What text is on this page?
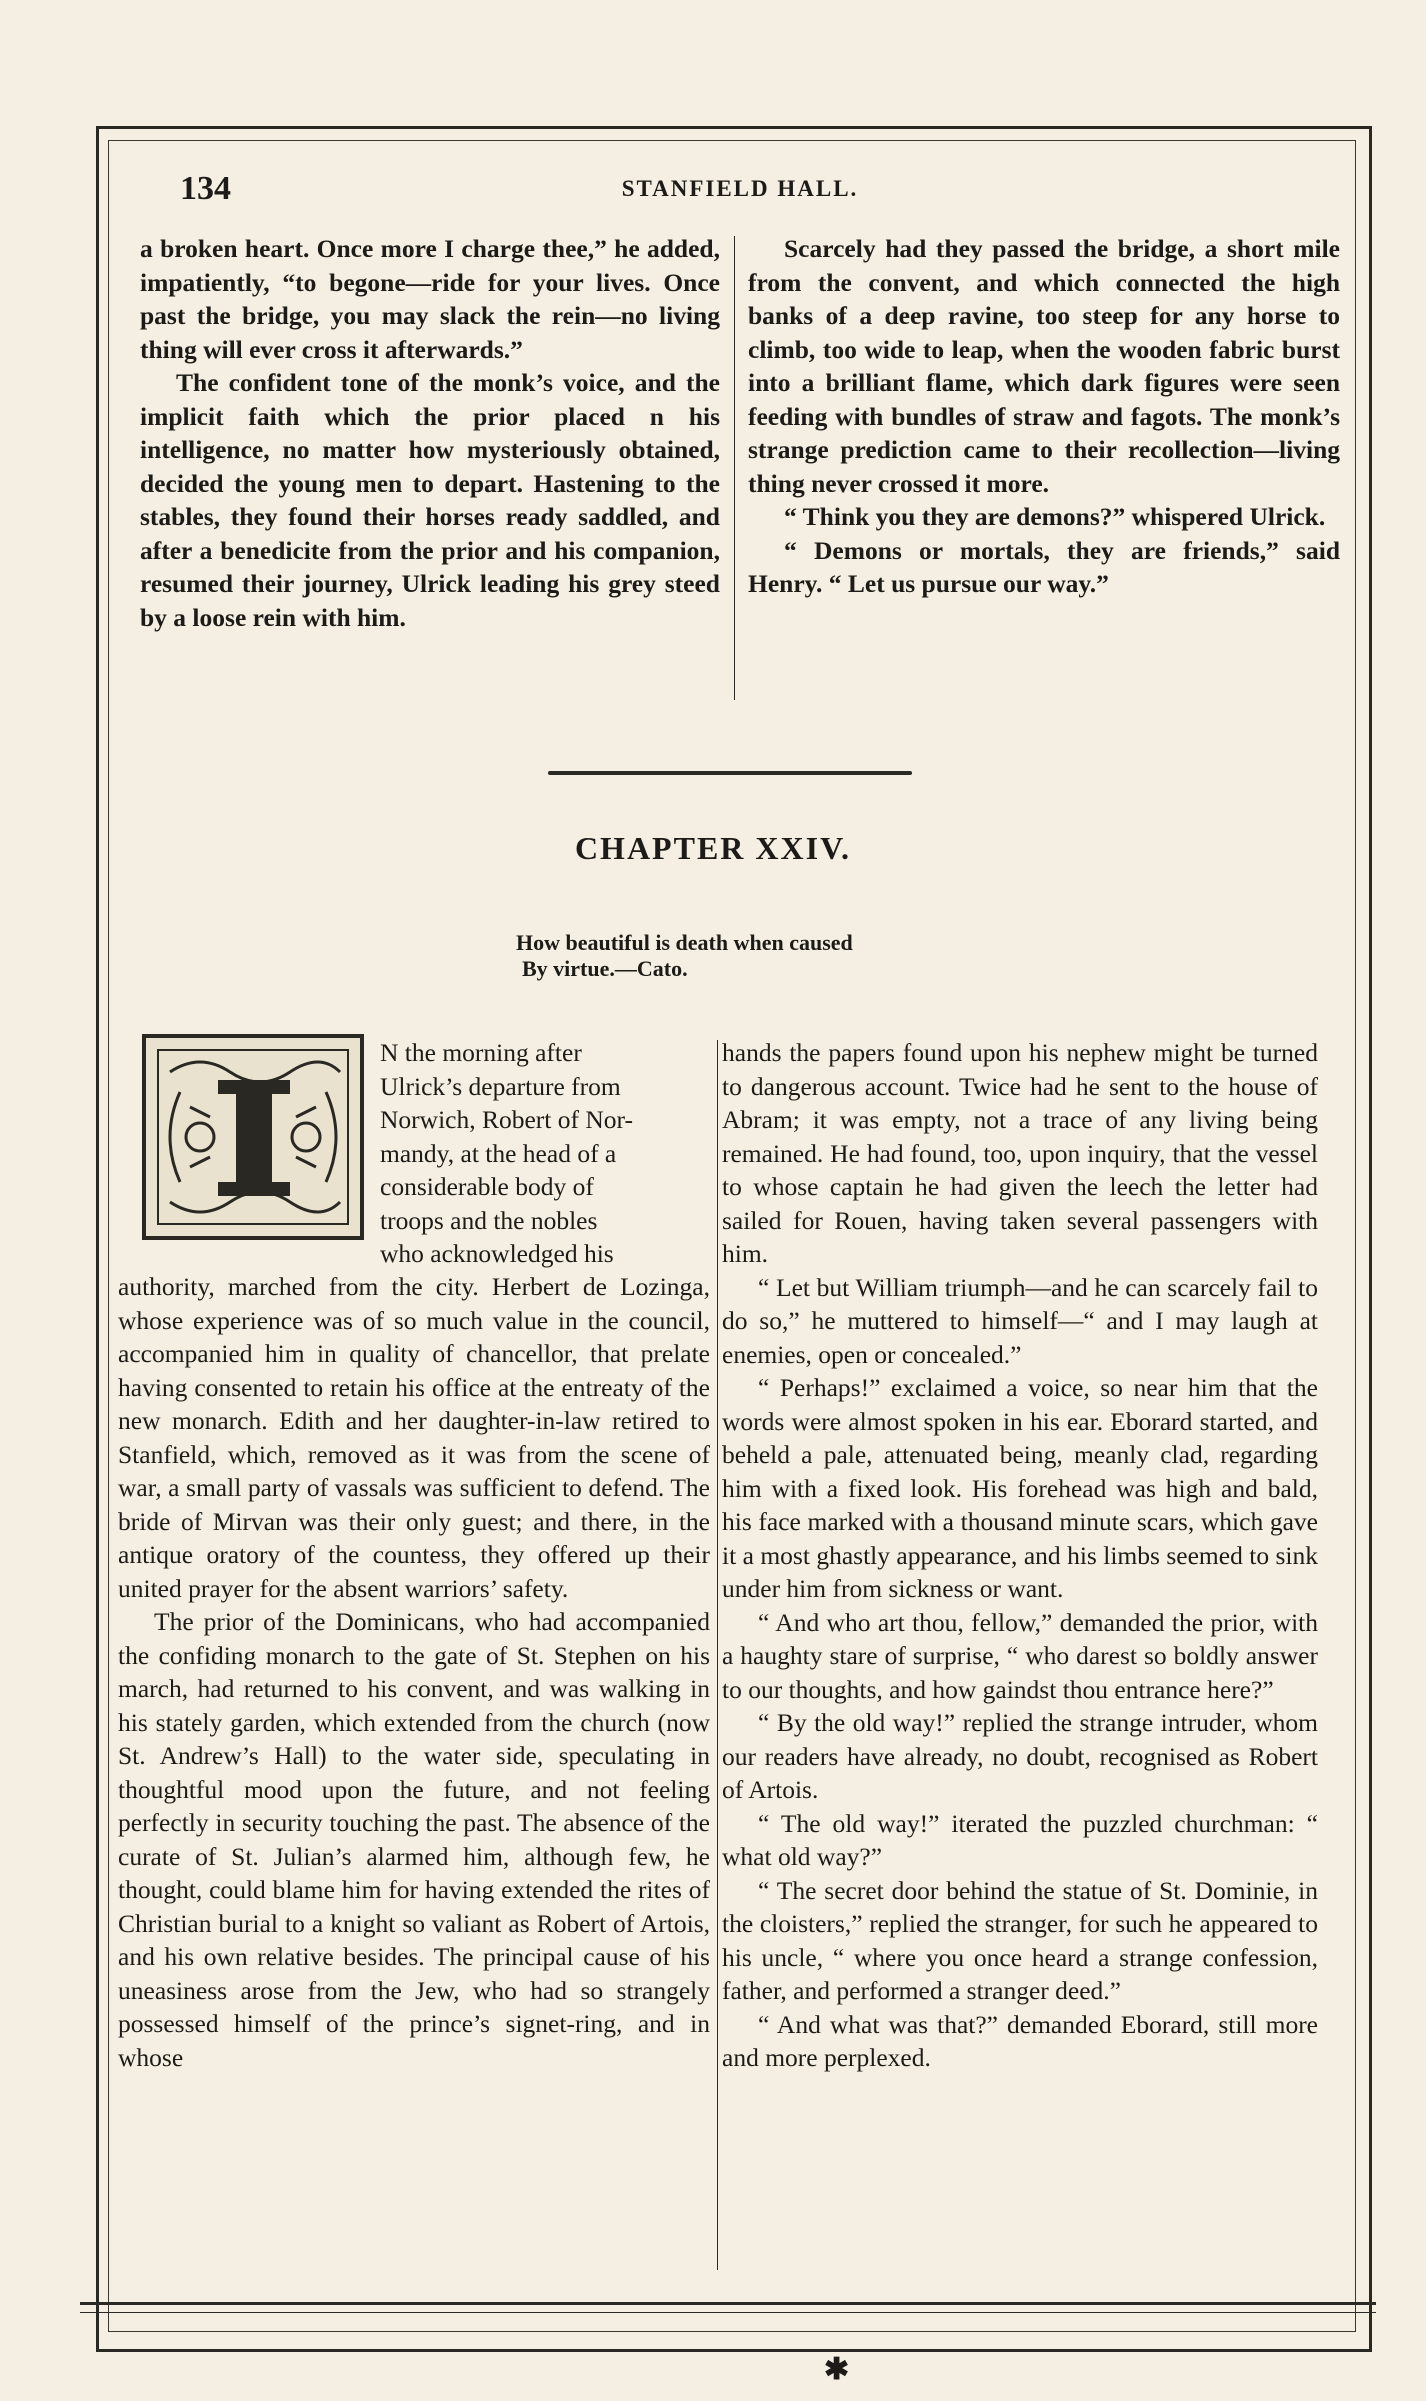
134	STANFIELD HALL.

a broken heart. Once more I charge thee,” he added, impatiently, “to begone—ride for your lives. Once past the bridge, you may slack the rein—no living thing will ever cross it afterwards.”

The confident tone of the monk’s voice, and the implicit faith which the prior placed n his intelligence, no matter how mysteriously obtained, decided the young men to depart. Hastening to the stables, they found their horses ready saddled, and after a benedicite from the prior and his companion, resumed their journey, Ulrick leading his grey steed by a loose rein with him.

Scarcely had they passed the bridge, a short mile from the convent, and which connected the high banks of a deep ravine, too steep for any horse to climb, too wide to leap, when the wooden fabric burst into a brilliant flame, which dark figures were seen feeding with bundles of straw and fagots. The monk’s strange prediction came to their recollection—living thing never crossed it more.

“ Think you they are demons?” whispered Ulrick.

“ Demons or mortals, they are friends,” said Henry. “ Let us pursue our way.”

CHAPTER XXIV.
How beautiful is death when caused
By virtue.—Cato.
N the morning after
Ulrick’s departure from
Norwich, Robert of Nor-
mandy, at the head of a
considerable body of
troops and the nobles
who acknowledged his

authority, marched from the city. Herbert de Lozinga, whose experience was of so much value in the council, accompanied him in quality of chancellor, that prelate having consented to retain his office at the entreaty of the new monarch. Edith and her daughter-in-law retired to Stanfield, which, removed as it was from the scene of war, a small party of vassals was sufficient to defend. The bride of Mirvan was their only guest; and there, in the antique oratory of the countess, they offered up their united prayer for the absent warriors’ safety.

The prior of the Dominicans, who had accompanied the confiding monarch to the gate of St. Stephen on his march, had returned to his convent, and was walking in his stately garden, which extended from the church (now St. Andrew’s Hall) to the water side, speculating in thoughtful mood upon the future, and not feeling perfectly in security touching the past. The absence of the curate of St. Julian’s alarmed him, although few, he thought, could blame him for having extended the rites of Christian burial to a knight so valiant as Robert of Artois, and his own relative besides. The principal cause of his uneasiness arose from the Jew, who had so strangely possessed himself of the prince’s signet-ring, and in whose

hands the papers found upon his nephew might be turned to dangerous account. Twice had he sent to the house of Abram; it was empty, not a trace of any living being remained. He had found, too, upon inquiry, that the vessel to whose captain he had given the leech the letter had sailed for Rouen, having taken several passengers with him.

“ Let but William triumph—and he can scarcely fail to do so,” he muttered to himself—“ and I may laugh at enemies, open or concealed.”

“ Perhaps!” exclaimed a voice, so near him that the words were almost spoken in his ear. Eborard started, and beheld a pale, attenuated being, meanly clad, regarding him with a fixed look. His forehead was high and bald, his face marked with a thousand minute scars, which gave it a most ghastly appearance, and his limbs seemed to sink under him from sickness or want.

“ And who art thou, fellow,” demanded the prior, with a haughty stare of surprise, “ who darest so boldly answer to our thoughts, and how gaindst thou entrance here?”

“ By the old way!” replied the strange intruder, whom our readers have already, no doubt, recognised as Robert of Artois.

“ The old way!” iterated the puzzled churchman: “ what old way?”

“ The secret door behind the statue of St. Dominie, in the cloisters,” replied the stranger, for such he appeared to his uncle, “ where you once heard a strange confession, father, and performed a stranger deed.”

“ And what was that?” demanded Eborard, still more and more perplexed.

✱
